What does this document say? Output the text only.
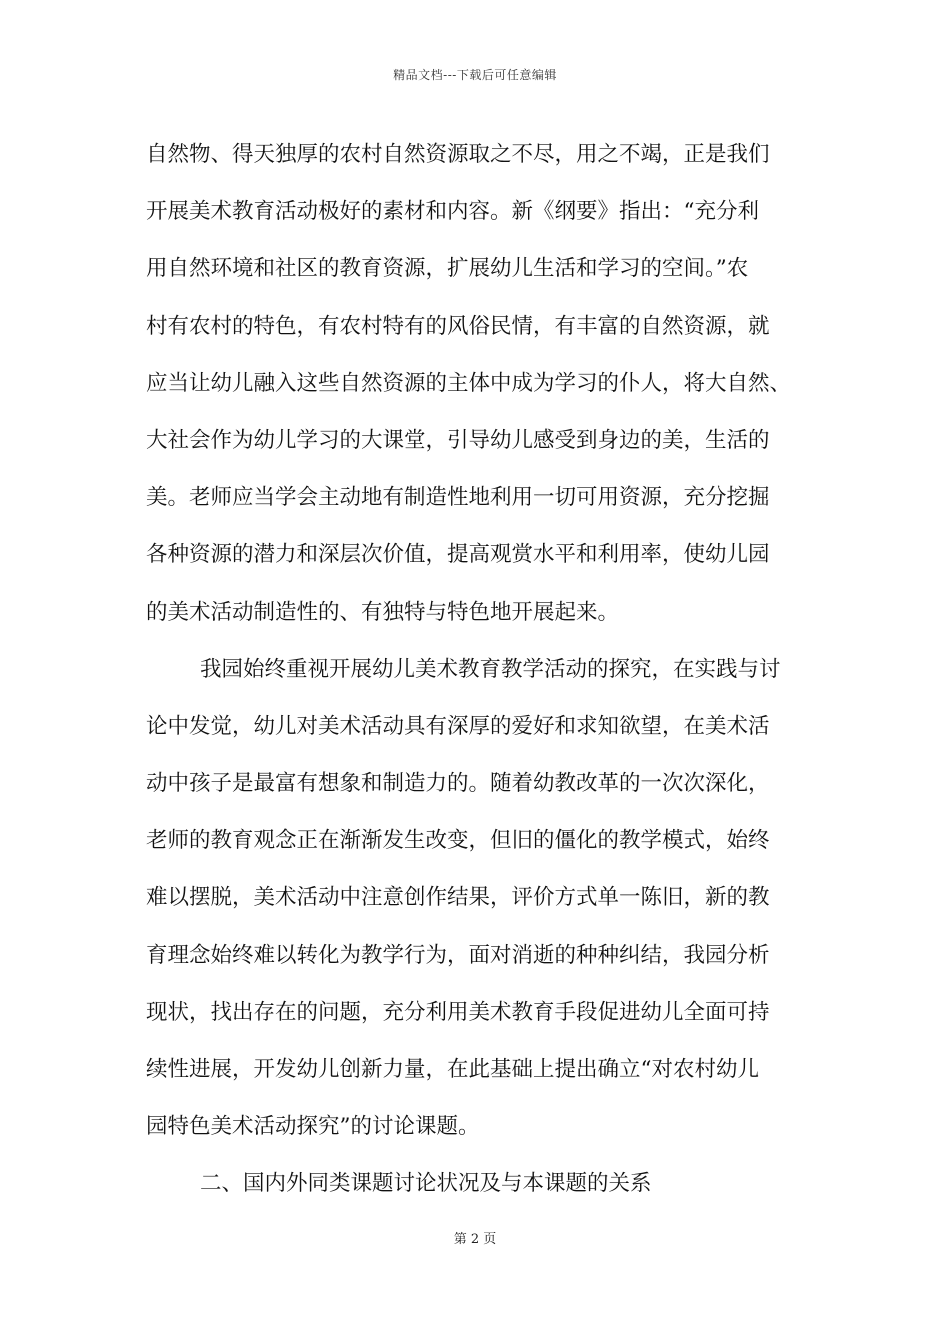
精品文档---下载后可任意编辑
自然物、得天独厚的农村自然资源取之不尽，用之不竭，正是我们
开展美术教育活动极好的素材和内容。新《纲要》指出：“充分利
用自然环境和社区的教育资源，扩展幼儿生活和学习的空间。”农
村有农村的特色，有农村特有的风俗民情，有丰富的自然资源，就
应当让幼儿融入这些自然资源的主体中成为学习的仆人，将大自然、
大社会作为幼儿学习的大课堂，引导幼儿感受到身边的美，生活的
美。老师应当学会主动地有制造性地利用一切可用资源，充分挖掘
各种资源的潜力和深层次价值，提高观赏水平和利用率，使幼儿园
的美术活动制造性的、有独特与特色地开展起来。
我园始终重视开展幼儿美术教育教学活动的探究，在实践与讨
论中发觉，幼儿对美术活动具有深厚的爱好和求知欲望，在美术活
动中孩子是最富有想象和制造力的。随着幼教改革的一次次深化，
老师的教育观念正在渐渐发生改变，但旧的僵化的教学模式，始终
难以摆脱，美术活动中注意创作结果，评价方式单一陈旧，新的教
育理念始终难以转化为教学行为，面对消逝的种种纠结，我园分析
现状，找出存在的问题，充分利用美术教育手段促进幼儿全面可持
续性进展，开发幼儿创新力量，在此基础上提出确立“对农村幼儿
园特色美术活动探究”的讨论课题。
二、国内外同类课题讨论状况及与本课题的关系
第 2 页
